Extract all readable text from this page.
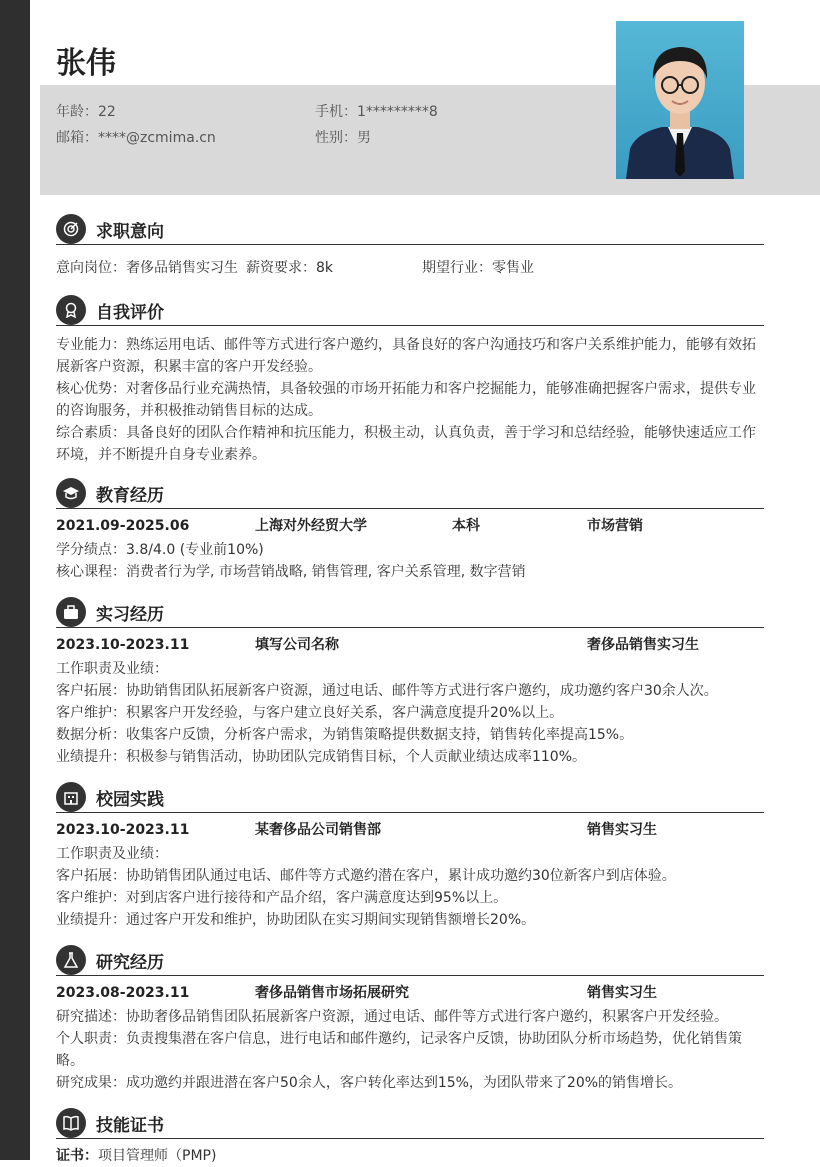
张伟
年龄：22	手机：1*********8
邮箱：****@zcmima.cn	性别：男
求职意向
意向岗位：奢侈品销售实习生 薪资要求：8k	期望行业：零售业
自我评价
专业能力：熟练运用电话、邮件等方式进行客户邀约，具备良好的客户沟通技巧和客户关系维护能力，能够有效拓
展新客户资源，积累丰富的客户开发经验。
核心优势：对奢侈品行业充满热情，具备较强的市场开拓能力和客户挖掘能力，能够准确把握客户需求，提供专业
的咨询服务，并积极推动销售目标的达成。
综合素质：具备良好的团队合作精神和抗压能力，积极主动，认真负责，善于学习和总结经验，能够快速适应工作
环境，并不断提升自身专业素养。
教育经历
2021.09-2025.06	上海对外经贸大学	本科	市场营销
学分绩点：3.8/4.0 (专业前10%)
核心课程：消费者行为学, 市场营销战略, 销售管理, 客户关系管理, 数字营销
实习经历
2023.10-2023.11	填写公司名称	奢侈品销售实习生
工作职责及业绩：
客户拓展：协助销售团队拓展新客户资源，通过电话、邮件等方式进行客户邀约，成功邀约客户30余人次。
客户维护：积累客户开发经验，与客户建立良好关系，客户满意度提升20%以上。
数据分析：收集客户反馈，分析客户需求，为销售策略提供数据支持，销售转化率提高15%。
业绩提升：积极参与销售活动，协助团队完成销售目标，个人贡献业绩达成率110%。
校园实践
2023.10-2023.11	某奢侈品公司销售部	销售实习生
工作职责及业绩：
客户拓展：协助销售团队通过电话、邮件等方式邀约潜在客户，累计成功邀约30位新客户到店体验。
客户维护：对到店客户进行接待和产品介绍，客户满意度达到95%以上。
业绩提升：通过客户开发和维护，协助团队在实习期间实现销售额增长20%。
研究经历
2023.08-2023.11	奢侈品销售市场拓展研究	销售实习生
研究描述：协助奢侈品销售团队拓展新客户资源，通过电话、邮件等方式进行客户邀约，积累客户开发经验。
个人职责：负责搜集潜在客户信息，进行电话和邮件邀约，记录客户反馈，协助团队分析市场趋势，优化销售策
略。
研究成果：成功邀约并跟进潜在客户50余人，客户转化率达到15%，为团队带来了20%的销售增长。
技能证书
证书：项目管理师（PMP)
